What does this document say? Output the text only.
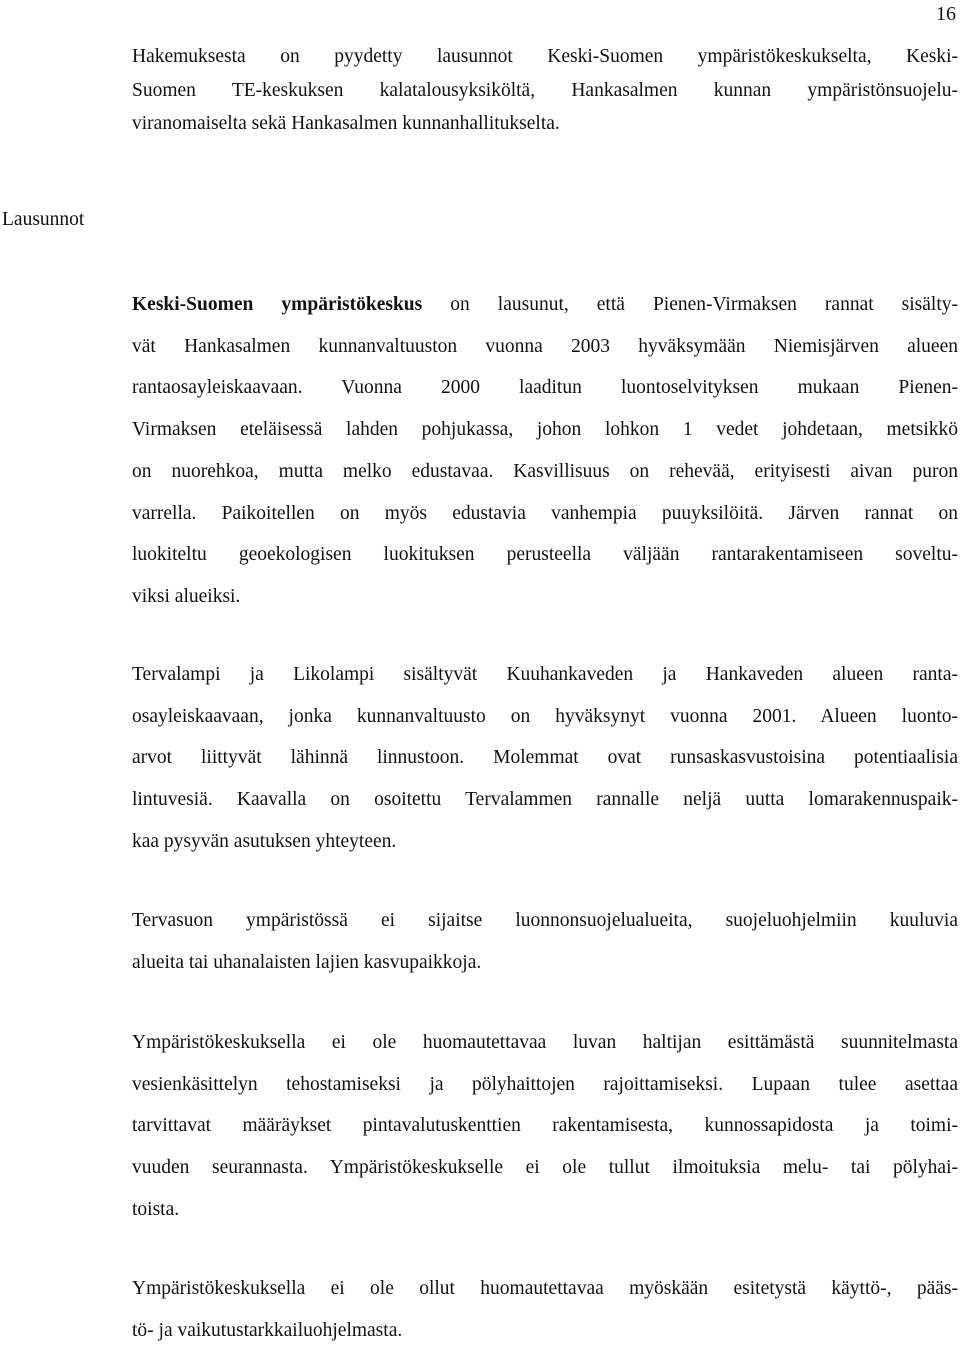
16
Hakemuksesta on pyydetty lausunnot Keski-Suomen ympäristökeskukselta, Keski-
Suomen TE-keskuksen kalatalousyksiköltä, Hankasalmen kunnan ympäristönsuojelu-
viranomaiselta sekä Hankasalmen kunnanhallitukselta.
Lausunnot
Keski-Suomen ympäristökeskus on lausunut, että Pienen-Virmaksen rannat sisälty-
vät Hankasalmen kunnanvaltuuston vuonna 2003 hyväksymään Niemisjärven alueen
rantaosayleiskaavaan. Vuonna 2000 laaditun luontoselvityksen mukaan Pienen-
Virmaksen eteläisessä lahden pohjukassa, johon lohkon 1 vedet johdetaan, metsikkö
on nuorehkoa, mutta melko edustavaa. Kasvillisuus on rehevää, erityisesti aivan puron
varrella. Paikoitellen on myös edustavia vanhempia puuyksilöitä. Järven rannat on
luokiteltu geoekologisen luokituksen perusteella väljään rantarakentamiseen soveltu-
viksi alueiksi.
Tervalampi ja Likolampi sisältyvät Kuuhankaveden ja Hankaveden alueen ranta-
osayleiskaavaan, jonka kunnanvaltuusto on hyväksynyt vuonna 2001. Alueen luonto-
arvot liittyvät lähinnä linnustoon. Molemmat ovat runsaskasvustoisina potentiaalisia
lintuvesiä. Kaavalla on osoitettu Tervalammen rannalle neljä uutta lomarakennuspaik-
kaa pysyvän asutuksen yhteyteen.
Tervasuon ympäristössä ei sijaitse luonnonsuojelualueita, suojeluohjelmiin kuuluvia
alueita tai uhanalaisten lajien kasvupaikkoja.
Ympäristökeskuksella ei ole huomautettavaa luvan haltijan esittämästä suunnitelmasta
vesienkäsittelyn tehostamiseksi ja pölyhaittojen rajoittamiseksi. Lupaan tulee asettaa
tarvittavat määräykset pintavalutuskenttien rakentamisesta, kunnossapidosta ja toimi-
vuuden seurannasta. Ympäristökeskukselle ei ole tullut ilmoituksia melu- tai pölyhai-
toista.
Ympäristökeskuksella ei ole ollut huomautettavaa myöskään esitetystä käyttö-, pääs-
tö- ja vaikutustarkkailuohjelmasta.
